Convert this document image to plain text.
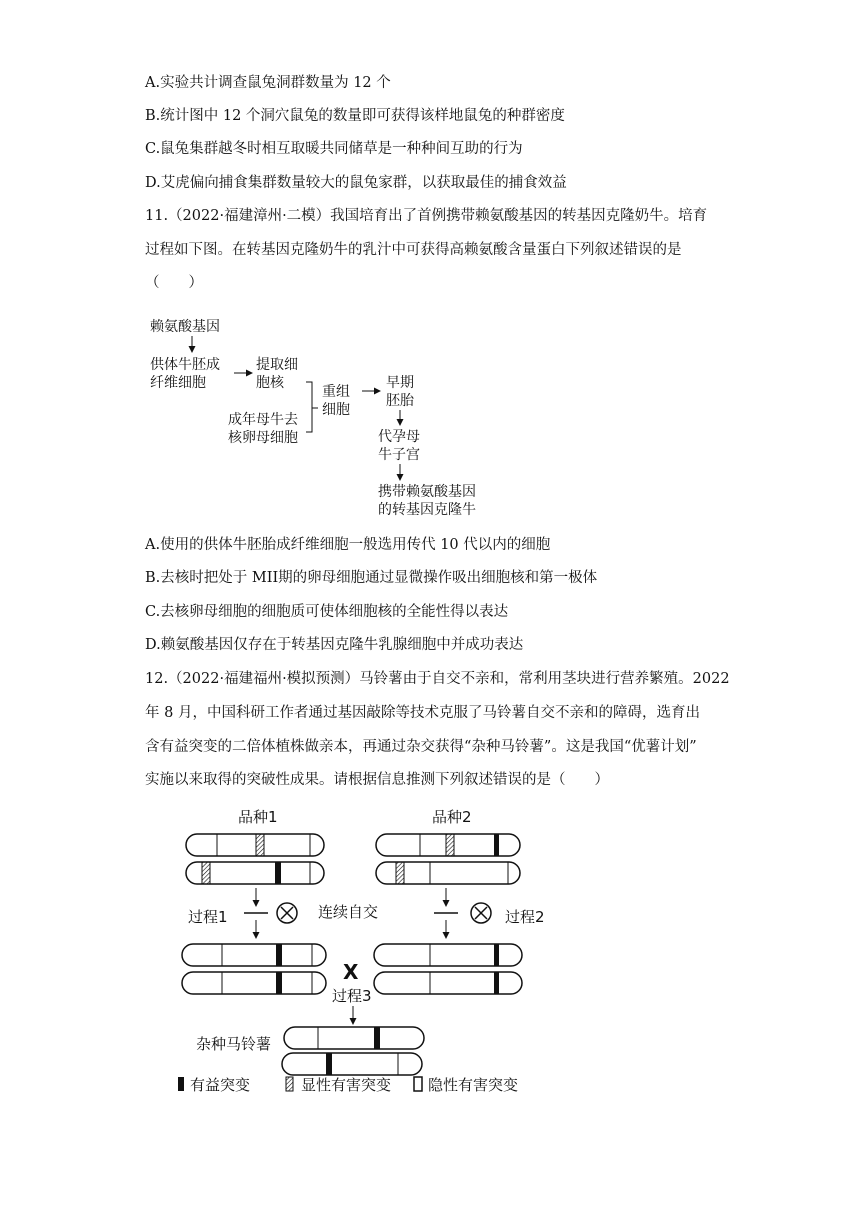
A.实验共计调查鼠兔洞群数量为 12 个
B.统计图中 12 个洞穴鼠兔的数量即可获得该样地鼠兔的种群密度
C.鼠兔集群越冬时相互取暖共同储草是一种种间互助的行为
D.艾虎偏向捕食集群数量较大的鼠兔家群，以获取最佳的捕食效益
11.（2022·福建漳州·二模）我国培育出了首例携带赖氨酸基因的转基因克隆奶牛。培育
过程如下图。在转基因克隆奶牛的乳汁中可获得高赖氨酸含量蛋白下列叙述错误的是
（　　）
赖氨酸基因
供体牛胚成
纤维细胞
提取细
胞核
成年母牛去
核卵母细胞
重组
细胞
早期
胚胎
代孕母
牛子宫
携带赖氨酸基因
的转基因克隆牛
A.使用的供体牛胚胎成纤维细胞一般选用传代 10 代以内的细胞
B.去核时把处于 MII期的卵母细胞通过显微操作吸出细胞核和第一极体
C.去核卵母细胞的细胞质可使体细胞核的全能性得以表达
D.赖氨酸基因仅存在于转基因克隆牛乳腺细胞中并成功表达
12.（2022·福建福州·模拟预测）马铃薯由于自交不亲和，常利用茎块进行营养繁殖。2022
年 8 月，中国科研工作者通过基因敲除等技术克服了马铃薯自交不亲和的障碍，选育出
含有益突变的二倍体植株做亲本，再通过杂交获得“杂种马铃薯”。这是我国“优薯计划”
实施以来取得的突破性成果。请根据信息推测下列叙述错误的是（　　）
品种1	品种2
过程1	连续自交	过程2
X
过程3
杂种马铃薯
有益突变	显性有害突变 隐性有害突变
